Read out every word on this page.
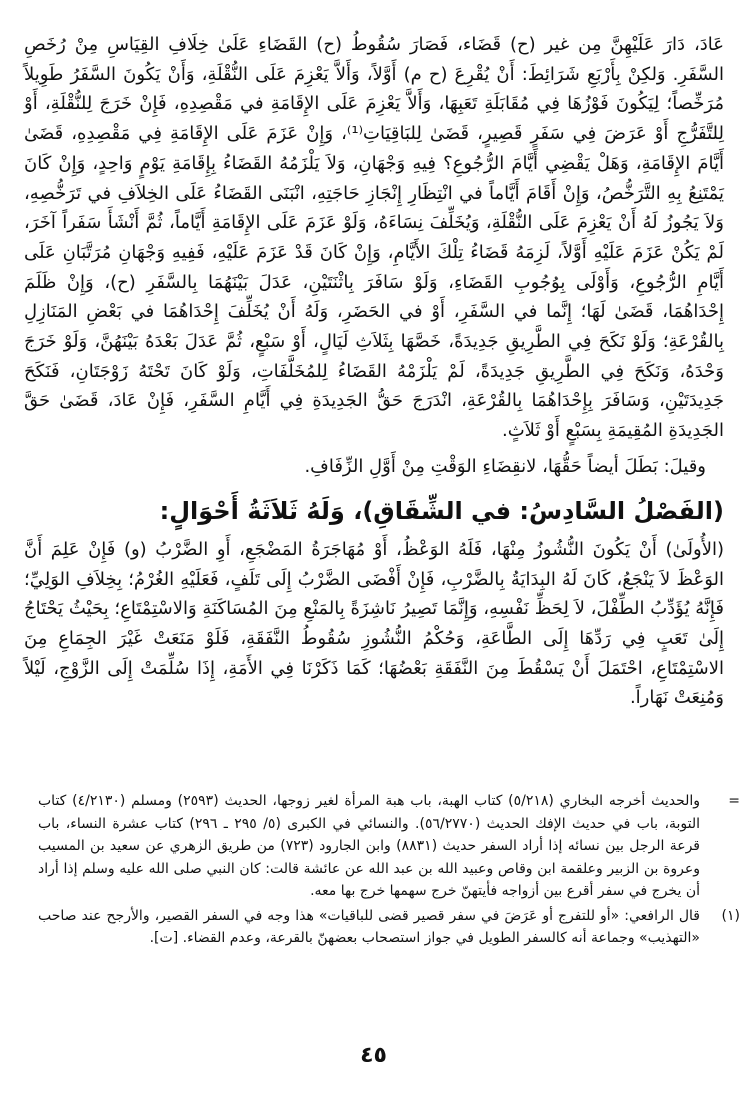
عَادَ، دَارَ عَلَيْهِنَّ مِن غير (ح) قَضَاء، فَصَارَ سُقُوطُ (ح) القَضَاءِ عَلَىٰ خِلَافِ القِيَاسِ مِنْ رُخَصِ السَّفَرِ. وَلكِنْ بِأَرْبَعِ شَرَائِطَ: أَنْ يُقْرِعَ (ح م) أَوَّلاً، وَأَلاَّ يَعْزِمَ عَلَى النُّقْلَةِ، وَأَنْ يَكُونَ السَّفَرُ طَوِيلاً مُرَخِّصاً؛ لِيَكُونَ فَوْزُهَا فِي مُقَابَلَةِ تَعَبِهَا، وَأَلاَّ يَعْزِمَ عَلَى الإِقَامَةِ في مَقْصِدِهِ، فَإِنْ خَرَجَ لِلنُّقْلَةِ، أَوْ لِلتَّفَرُّجِ أَوْ عَرَضَ فِي سَفَرٍ قَصِيرٍ، قَضَىٰ لِلبَاقِيَاتِ⁽¹⁾، وَإِنْ عَزَمَ عَلَى الإِقَامَةِ فِي مَقْصِدِهِ، قَضَىٰ أَيَّامَ الإِقَامَةِ، وَهَلْ يَقْضِي أَيَّامَ الرُّجُوعِ؟ فِيهِ وَجْهَانِ، وَلاَ يَلْزَمُهُ القَضَاءُ بِإِقَامَةِ يَوْمٍ وَاحِدٍ، وَإِنْ كَانَ يَمْتَنِعُ بِهِ التَّرَخُّصُ، وَإِنْ أَقَامَ أَيَّاماً في انْتِظَارِ إِنْجَازِ حَاجَتِهِ، انْبَنَى القَضَاءُ عَلَى الخِلاَفِ في تَرَخُّصِهِ، وَلاَ يَجُوزُ لَهُ أَنْ يَعْزِمَ عَلَى النُّقْلَةِ، وَيُخَلِّفَ نِسَاءَهُ، وَلَوْ عَزَمَ عَلَى الإِقَامَةِ أَيَّاماً، ثُمَّ أَنْشَأَ سَفَراً آخَرَ، لَمْ يَكُنْ عَزَمَ عَلَيْهِ أَوَّلاً، لَزِمَهُ قَضَاءُ تِلْكَ الأَيَّامِ، وَإِنْ كَانَ قَدْ عَزَمَ عَلَيْهِ، فَفِيهِ وَجْهَانِ مُرَتَّبَانِ عَلَى أَيَّامِ الرُّجُوعِ، وَأَوْلَى بِوُجُوبِ القَضَاءِ، وَلَوْ سَافَرَ بِاثْنَتَيْنِ، عَدَلَ بَيْنَهُمَا بِالسَّفَرِ (ح)، وَإِنْ ظَلَمَ إِحْدَاهُمَا، قَضَىٰ لَهَا؛ إِنَّما في السَّفَرِ، أَوْ في الحَضَرِ، وَلَهُ أَنْ يُخَلِّفَ إِحْدَاهُمَا في بَعْضِ المَنَازِلِ بِالقُرْعَةِ؛ وَلَوْ نَكَحَ فِي الطَّرِيقِ جَدِيدَةً، خَصَّهَا بِثَلاَثِ لَيَالٍ، أَوْ سَبْعٍ، ثُمَّ عَدَلَ بَعْدَهُ بَيْنَهُنَّ، وَلَوْ خَرَجَ وَحْدَهُ، وَنَكَحَ فِي الطَّرِيقِ جَدِيدَةً، لَمْ يَلْزَمْهُ القَضَاءُ لِلمُخَلَّفَاتِ، وَلَوْ كَانَ تَحْتَهُ زَوْجَتَانِ، فَنَكَحَ جَدِيدَتَيْنِ، وَسَافَرَ بِإِحْدَاهُمَا بِالقُرْعَةِ، انْدَرَجَ حَقُّ الجَدِيدَةِ فِي أَيَّامِ السَّفَرِ، فَإِنْ عَادَ، قَضَىٰ حَقَّ الجَدِيدَةِ المُقِيمَةِ بِسَبْعٍ أَوْ ثَلاَثٍ.

وقيلَ: بَطَلَ أيضاً حَقُّهَا، لانقِضَاءِ الوَقْتِ مِنْ أَوَّلِ الزِّفَافِ.

(الفَصْلُ السَّادِسُ: في الشِّقَاقِ)، وَلَهُ ثَلاَثَةُ أَحْوَالٍ:

(الأُولَىٰ) أَنْ يَكُونَ النُّشُوزُ مِنْهَا، فَلَهُ الوَعْظُ، أَوْ مُهَاجَرَةُ المَضْجَعِ، أَوِ الضَّرْبُ (و) فَإِنْ عَلِمَ أَنَّ الوَعْظَ لاَ يَنْجَعُ، كَانَ لَهُ البِدَايَةُ بِالضَّرْبِ، فَإِنْ أَفْضَى الضَّرْبُ إِلَى تَلَفٍ، فَعَلَيْهِ الغُرْمُ؛ بِخِلاَفِ الوَلِيِّ؛ فَإِنَّهُ يُؤَدِّبُ الطِّفْلَ، لاَ لِحَظِّ نَفْسِهِ، وَإِنَّمَا تَصِيرُ نَاشِزَةً بِالمَنْعِ مِنَ المُسَاكَنَةِ وَالاسْتِمْتَاعِ؛ بِحَيْثُ يَحْتَاجُ إِلَىٰ تَعَبٍ فِي رَدِّهَا إِلَى الطَّاعَةِ، وَحُكْمُ النُّشُوزِ سُقُوطُ النَّفَقَةِ، فَلَوْ مَنَعَتْ غَيْرَ الجِمَاعِ مِنَ الاسْتِمْتَاعِ، احْتَمَلَ أَنْ يَسْقُطَ مِنَ النَّفَقَةِ بَعْضُهَا؛ كَمَا ذَكَرْنَا فِي الأَمَةِ، إِذَا سُلِّمَتْ إِلَى الزَّوْجِ، لَيْلاً وَمُنِعَتْ نَهَاراً.

=
والحديث أخرجه البخاري (٥/٢١٨) كتاب الهبة، باب هبة المرأة لغير زوجها، الحديث (٢٥٩٣) ومسلم (٤/٢١٣٠) كتاب التوبة، باب في حديث الإفك الحديث (٥٦/٢٧٧٠). والنسائي في الكبرى (٥/ ٢٩٥ ـ ٢٩٦) كتاب عشرة النساء، باب قرعة الرجل بين نسائه إذا أراد السفر حديث (٨٨٣١) وابن الجارود (٧٢٣) من طريق الزهري عن سعيد بن المسيب وعروة بن الزبير وعلقمة ابن وقاص وعبيد الله بن عبد الله عن عائشة قالت: كان النبي صلى الله عليه وسلم إذا أراد أن يخرج في سفر أقرع بين أزواجه فأيتهنّ خرج سهمها خرج بها معه.
(١)
قال الرافعي: «أو للتفرج أو عَرَضَ في سفر قصير قضى للباقيات» هذا وجه في السفر القصير، والأرجح عند صاحب «التهذيب» وجماعة أنه كالسفر الطويل في جواز استصحاب بعضهنّ بالقرعة، وعدم القضاء. [ت].
٤٥
